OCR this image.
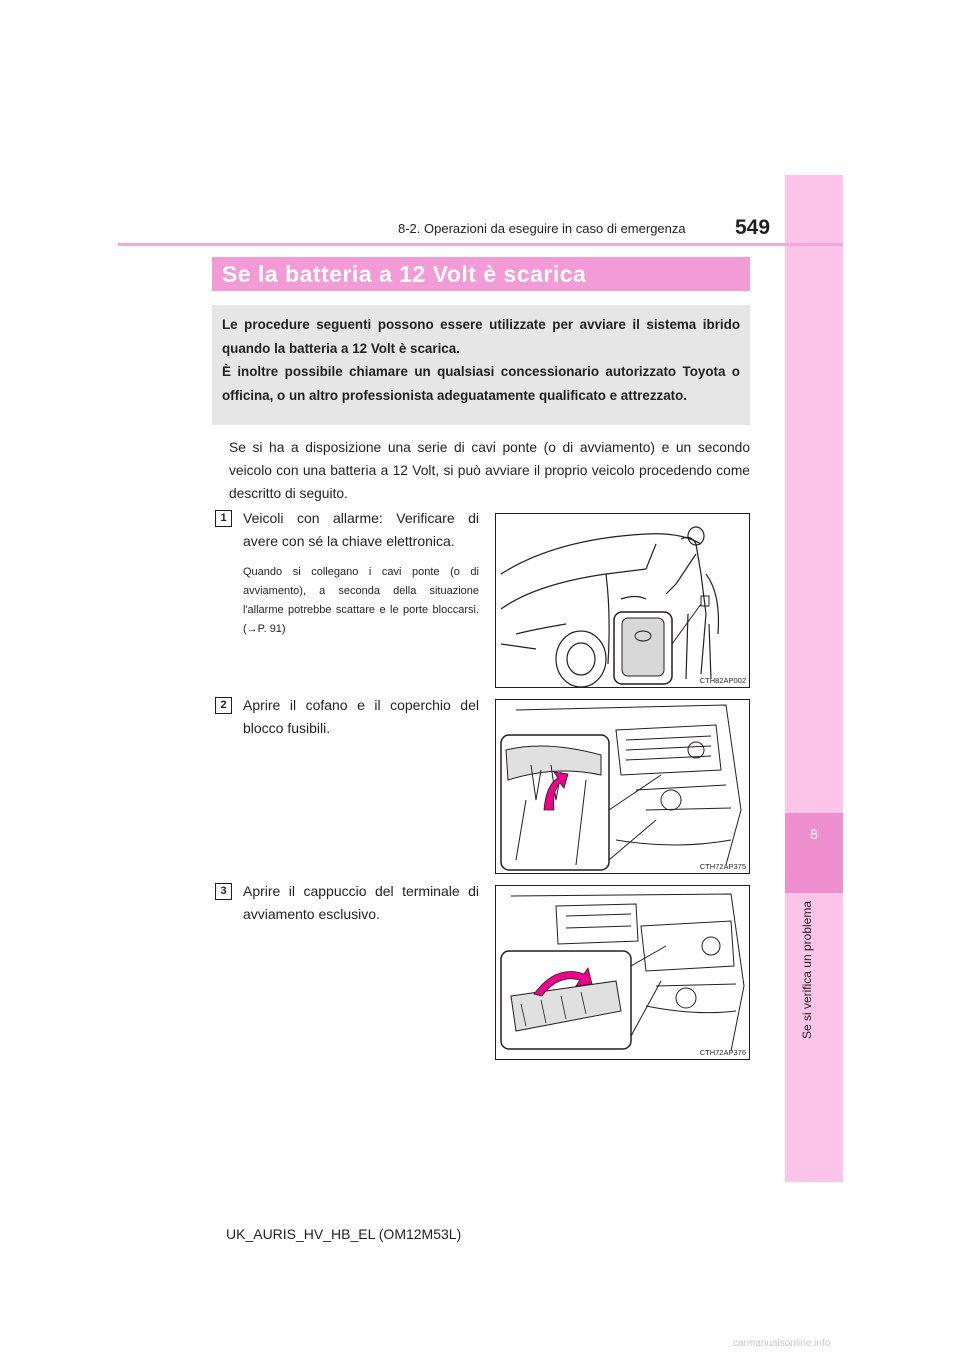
8
Se si verifica un problema
8-2. Operazioni da eseguire in caso di emergenza 549
Se la batteria a 12 Volt è scarica

Le procedure seguenti possono essere utilizzate per avviare il sistema ibrido quando la batteria a 12 Volt è scarica.

È inoltre possibile chiamare un qualsiasi concessionario autorizzato Toyota o officina, o un altro professionista adeguatamente qualificato e attrezzato.

Se si ha a disposizione una serie di cavi ponte (o di avviamento) e un secondo veicolo con una batteria a 12 Volt, si può avviare il proprio veicolo procedendo come descritto di seguito.

1	Veicoli con allarme: Verificare di avere con sé la chiave elettronica.

Quando si collegano i cavi ponte (o di avviamento), a seconda della situazione l'allarme potrebbe scattare e le porte bloccarsi. (→P. 91)

CTH82AP002
2	Aprire il cofano e il coperchio del blocco fusibili.

CTH72AP375
3	Aprire il cappuccio del terminale di avviamento esclusivo.

CTH72AP376
UK_AURIS_HV_HB_EL (OM12M53L)
carmanualsonline.info
